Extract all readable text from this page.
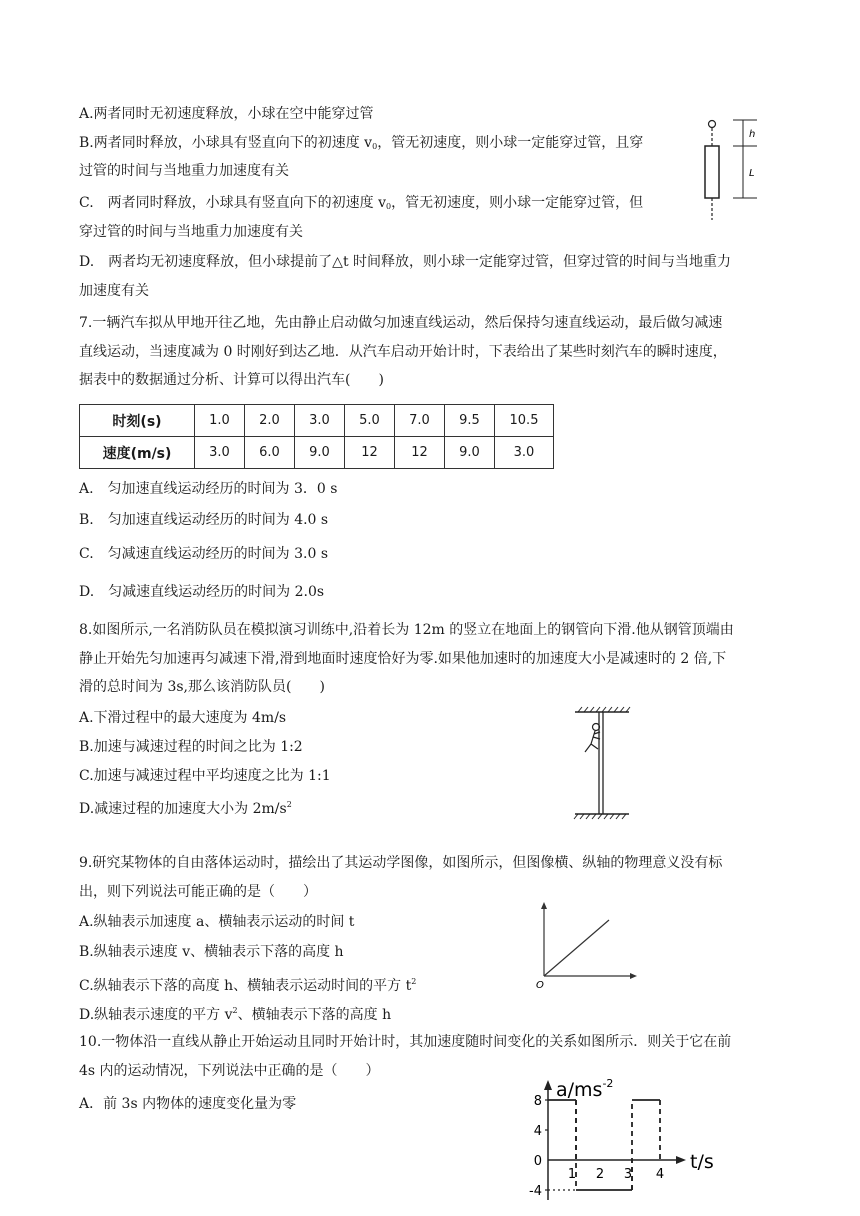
A.两者同时无初速度释放，小球在空中能穿过管
B.两者同时释放，小球具有竖直向下的初速度 $v_0$，管无初速度，则小球一定能穿过管，且穿
过管的时间与当地重力加速度有关
C.　两者同时释放，小球具有竖直向下的初速度 $v_0$，管无初速度，则小球一定能穿过管，但
穿过管的时间与当地重力加速度有关
D.　两者均无初速度释放，但小球提前了△t 时间释放，则小球一定能穿过管，但穿过管的时间与当地重力
加速度有关
h
L
7.一辆汽车拟从甲地开往乙地，先由静止启动做匀加速直线运动，然后保持匀速直线运动，最后做匀减速
直线运动，当速度减为 0 时刚好到达乙地．从汽车启动开始计时，下表给出了某些时刻汽车的瞬时速度，
据表中的数据通过分析、计算可以得出汽车(　　)
时刻(s)	1.0	2.0	3.0	5.0	7.0	9.5	10.5
速度(m/s)	3.0	6.0	9.0	12	12	9.0	3.0
A.　匀加速直线运动经历的时间为 3．0 s
B.　匀加速直线运动经历的时间为 4.0 s
C.　匀减速直线运动经历的时间为 3.0 s
D.　匀减速直线运动经历的时间为 2.0s
8.如图所示,一名消防队员在模拟演习训练中,沿着长为 12m 的竖立在地面上的钢管向下滑.他从钢管顶端由
静止开始先匀加速再匀减速下滑,滑到地面时速度恰好为零.如果他加速时的加速度大小是减速时的 2 倍,下
滑的总时间为 3s,那么该消防队员(　　)
A.下滑过程中的最大速度为 4m/s
B.加速与减速过程的时间之比为 1:2
C.加速与减速过程中平均速度之比为 1:1
D.减速过程的加速度大小为 $2m/s^2$
9.研究某物体的自由落体运动时，描绘出了其运动学图像，如图所示，但图像横、纵轴的物理意义没有标
出，则下列说法可能正确的是（　　）
A.纵轴表示加速度 a、横轴表示运动的时间 t
B.纵轴表示速度 v、横轴表示下落的高度 h
C.纵轴表示下落的高度 h、横轴表示运动时间的平方 $t^2$
D.纵轴表示速度的平方 $v^2$、横轴表示下落的高度 h
O
10.一物体沿一直线从静止开始运动且同时开始计时，其加速度随时间变化的关系如图所示．则关于它在前
4s 内的运动情况，下列说法中正确的是（　　）
A．前 3s 内物体的速度变化量为零
$a/ms^{-2}$
t/s
8
4
0
-4
1 2 3 4
